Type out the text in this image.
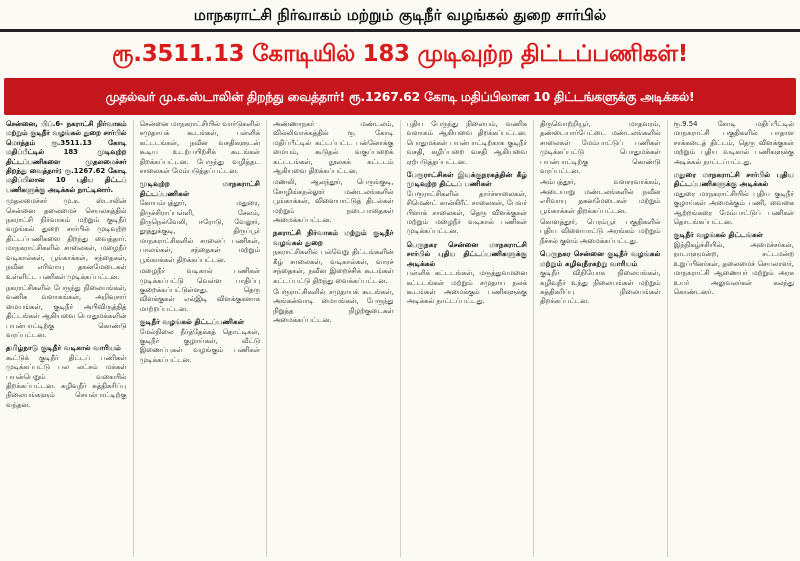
மாநகராட்சி நிர்வாகம் மற்றும் குடிநீர் வழங்கல் துறை சார்பில்
ரூ.3511.13 கோடியில் 183 முடிவுற்ற திட்டப்பணிகள்!
முதல்வர் மு.க.ஸ்டாலின் திறந்து வைத்தார்! ரூ.1267.62 கோடி மதிப்பிலான 10 திட்டங்களுக்கு அடிக்கல்!

சென்னை, பிப்.6- நகராட்சி நிர்வாகம் மற்றும் குடிநீர் வழங்கல் துறை சார்பில் மொத்தம் ரூ.3511.13 கோடி மதிப்பீட்டில் 183 முடிவுற்ற திட்டப்பணிகளை முதலமைச்சர் திறந்து வைத்தார்; ரூ.1267.62 கோடி மதிப்பிலான 10 புதிய திட்டப் பணிகளுக்கு அடிக்கல் நாட்டினார்.

முதலமைச்சர் மு.க. ஸ்டாலின் சென்னை தலைமைச் செயலகத்தில் நகராட்சி நிர்வாகம் மற்றும் குடிநீர் வழங்கல் துறை சார்பில் முடிவுற்ற திட்டப்பணிகளை திறந்து வைத்தார். மாநகராட்சிகளில் சாலைகள், மழைநீர் வடிகால்கள், பூங்காக்கள், சந்தைகள், நவீன எரிவாயு தகனமேடைகள் உள்ளிட்ட பணிகள் முடிக்கப்பட்டன.

நகராட்சிகளில் பேருந்து நிலையங்கள், வணிக வளாகங்கள், அறிவுசார் மையங்கள், குடிநீர் அபிவிருத்தித் திட்டங்கள் ஆகியவை பொதுமக்களின் பயன்பாட்டிற்கு கொண்டு வரப்பட்டன.

தமிழ்நாடு குடிநீர் வடிகால் வாரியம்

கூட்டுக் குடிநீர் திட்டப் பணிகள் முடிக்கப்பட்டு பல லட்சம் மக்கள் பயன்பெறும் வகையில் திறக்கப்பட்டன. கழிவுநீர் சுத்திகரிப்பு நிலையங்களும் செயல்பாட்டிற்கு வந்தன.

சென்னை மாநகராட்சியில் வார்டுகளில் சமுதாயக் கூடங்கள், பள்ளிக் கட்டடங்கள், நவீன வசதிகளுடன் கூடிய உடற்பயிற்சிக் கூடங்கள் திறக்கப்பட்டன. பேருந்து வழித்தட சாலைகள் மேம்படுத்தப்பட்டன.

முடிவுற்ற மாநகராட்சி திட்டப்பணிகள்

கோயம்புத்தூர், மதுரை, திருச்சிராப்பள்ளி, சேலம், திருநெல்வேலி, ஈரோடு, வேலூர், தூத்துக்குடி, திருப்பூர் மாநகராட்சிகளில் சாலைப் பணிகள், பாலங்கள், சந்தைகள் மற்றும் பூங்காக்கள் திறக்கப்பட்டன.

மழைநீர் வடிகால் பணிகள் முடிக்கப்பட்டு வெள்ள பாதிப்பு குறைக்கப்பட்டுள்ளது. தெரு விளக்குகள் எல்இடி விளக்குகளாக மாற்றப்பட்டன.

குடிநீர் வழங்கல் திட்டப்பணிகள்

மேல்நிலை நீர்த்தேக்கத் தொட்டிகள், குடிநீர் குழாய்கள், வீட்டு இணைப்புகள் வழங்கும் பணிகள் முடிக்கப்பட்டன.

அண்ணாநகர் மண்டலம், வில்லிவாக்கத்தில் ரூ. கோடி மதிப்பீட்டில் கட்டப்பட்ட பன்னோக்கு மையம், கூடுதல் வகுப்பறைக் கட்டடங்கள், நூலகக் கட்டடம் ஆகியவை திறக்கப்பட்டன.

மணலி, ஆலந்தூர், பெருங்குடி, சோழிங்கநல்லூர் மண்டலங்களில் பூங்காக்கள், விளையாட்டுத் திடல்கள் மற்றும் நடைபாதைகள் அமைக்கப்பட்டன.

நகராட்சி நிர்வாகம் மற்றும் குடிநீர் வழங்கல் துறை

நகராட்சிகளில் பல்வேறு திட்டங்களின் கீழ் சாலைகள், வடிகால்கள், வாரச் சந்தைகள், நவீன இறைச்சிக் கூடங்கள் கட்டப்பட்டு திறந்து வைக்கப்பட்டன.

பேரூராட்சிகளில் சமுதாயக் கூடங்கள், அங்கன்வாடி மையங்கள், பேருந்து நிறுத்த நிழற்குடைகள் அமைக்கப்பட்டன.

புதிய பேருந்து நிலையம், வணிக வளாகம் ஆகியவை திறக்கப்பட்டன. பொதுமக்கள் பயன்பாட்டிற்காக குடிநீர் வசதி, கழிப்பறை வசதி ஆகியவை ஏற்படுத்தப்பட்டன.

பேரூராட்சிகள் இயக்குநரகத்தின் கீழ் முடிவுற்ற திட்டப் பணிகள்

பேரூராட்சிகளில் தார்ச்சாலைகள், சிமெண்ட் கான்கிரீட் சாலைகள், பேவர் பிளாக் சாலைகள், தெரு விளக்குகள் மற்றும் மழைநீர் வடிகால் பணிகள் முடிக்கப்பட்டன.

பெருநகர சென்னை மாநகராட்சி சார்பில் புதிய திட்டப்பணிகளுக்கு அடிக்கல்

பள்ளிக் கட்டடங்கள், மருத்துவமனை கட்டடங்கள் மற்றும் சமுதாய நலக் கூடங்கள் அமைக்கும் பணிகளுக்கு அடிக்கல் நாட்டப்பட்டது.

திருவொற்றியூர், மாதவரம், தண்டையார்பேட்டை மண்டலங்களில் சாலைகள் மேம்பாட்டுப் பணிகள் முடிக்கப்பட்டு பொதுமக்கள் பயன்பாட்டிற்கு கொண்டு வரப்பட்டன.

அம்பத்தூர், வளசரவாக்கம், அடையாறு மண்டலங்களில் நவீன எரிவாயு தகனமேடைகள் மற்றும் பூங்காக்கள் திறக்கப்பட்டன.

கொளத்தூர், பெரம்பூர் பகுதிகளில் புதிய விளையாட்டு அரங்கம் மற்றும் நீச்சல் குளம் அமைக்கப்பட்டது.

பெருநகர சென்னை குடிநீர் வழங்கல் மற்றும் கழிவுநீரகற்று வாரியம்

குடிநீர் விநியோக நிலையங்கள், கழிவுநீர் உந்து நிலையங்கள் மற்றும் சுத்திகரிப்பு நிலையங்கள் திறக்கப்பட்டன.

ரூ.9.54 கோடி மதிப்பீட்டில் மாநகராட்சி பகுதிகளில் பாதாள சாக்கடைத் திட்டம், தெரு விளக்குகள் மற்றும் புதிய வடிகால் பணிகளுக்கு அடிக்கல் நாட்டப்பட்டது.

மதுரை மாநகராட்சி சார்பில் புதிய திட்டப்பணிகளுக்கு அடிக்கல்

மதுரை மாநகராட்சியில் புதிய குடிநீர் குழாய்கள் அமைக்கும் பணி, வைகை ஆற்றங்கரை மேம்பாட்டுப் பணிகள் தொடங்கப்பட்டன.

குடிநீர் வழங்கல் திட்டங்கள்

இந்நிகழ்ச்சியில், அமைச்சர்கள், நாடாளுமன்ற, சட்டமன்ற உறுப்பினர்கள், தலைமைச் செயலாளர், மாநகராட்சி ஆணையர் மற்றும் அரசு உயர் அலுவலர்கள் கலந்து கொண்டனர்.
